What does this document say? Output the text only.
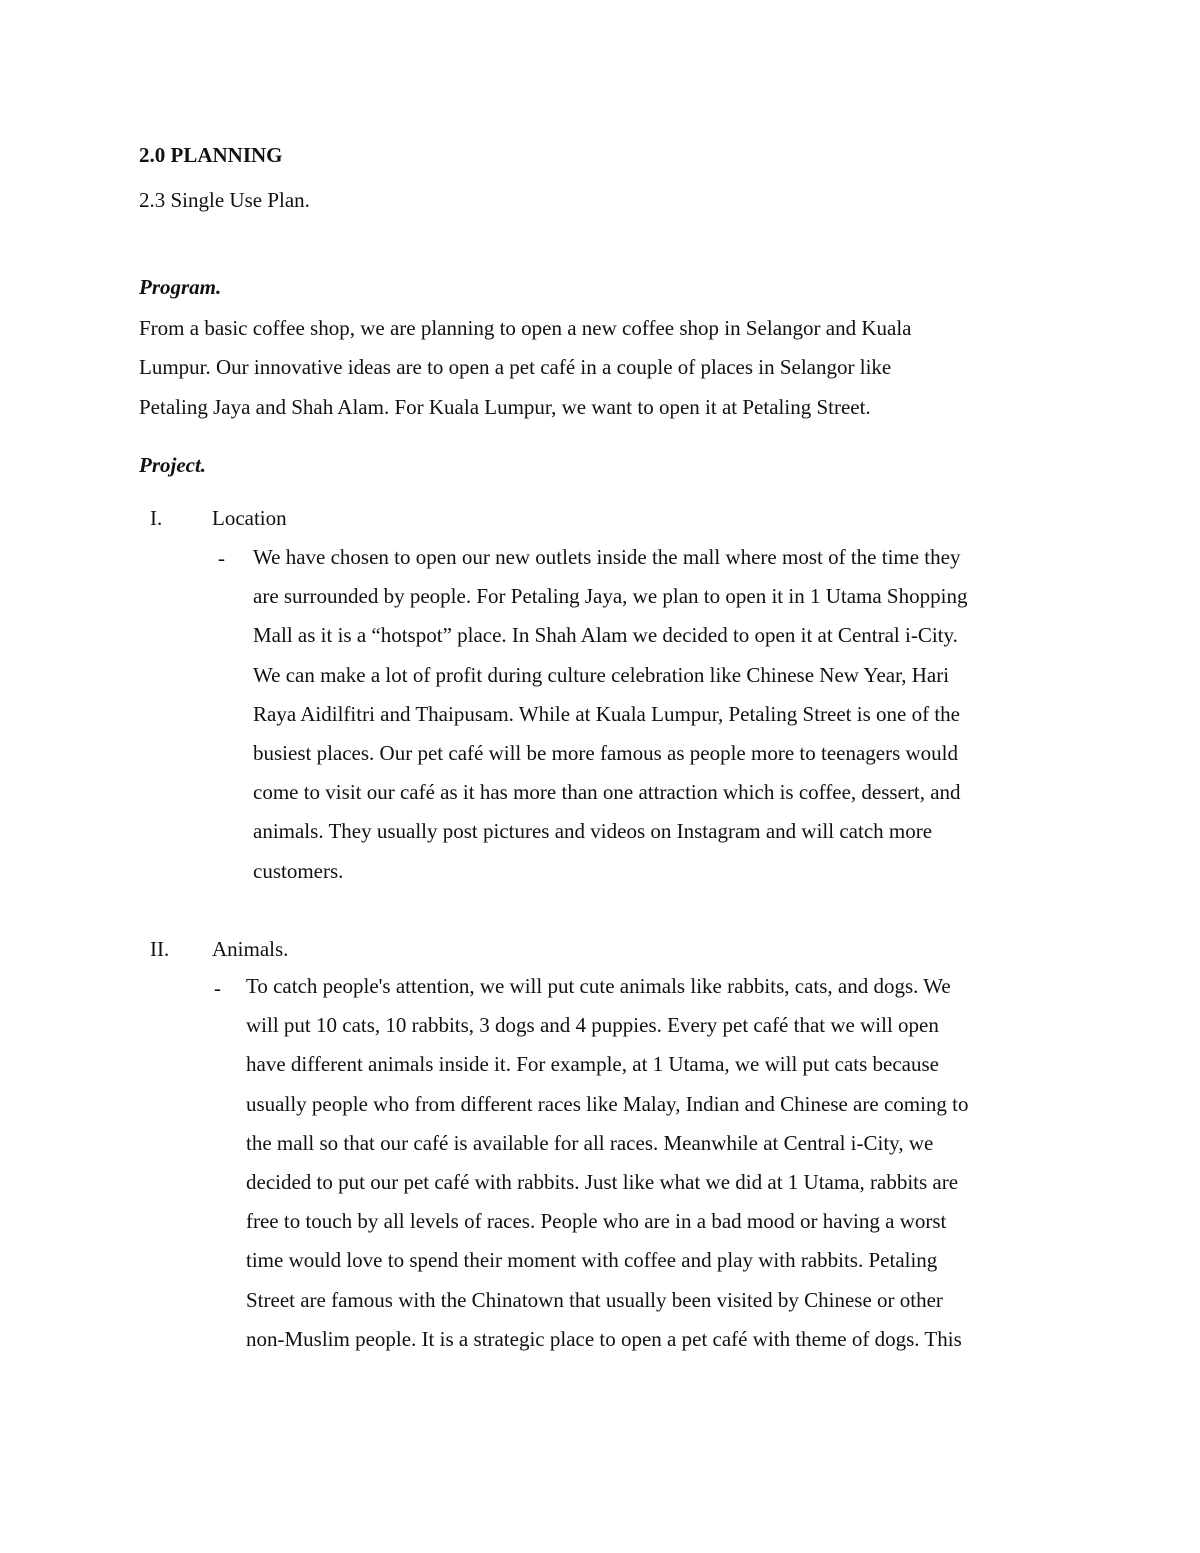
2.0 PLANNING
2.3 Single Use Plan.
Program.
From a basic coffee shop, we are planning to open a new coffee shop in Selangor and Kuala
Lumpur. Our innovative ideas are to open a pet café in a couple of places in Selangor like
Petaling Jaya and Shah Alam. For Kuala Lumpur, we want to open it at Petaling Street.
Project.
I.	Location
- We have chosen to open our new outlets inside the mall where most of the time they
are surrounded by people. For Petaling Jaya, we plan to open it in 1 Utama Shopping
Mall as it is a “hotspot” place. In Shah Alam we decided to open it at Central i-City.
We can make a lot of profit during culture celebration like Chinese New Year, Hari
Raya Aidilfitri and Thaipusam. While at Kuala Lumpur, Petaling Street is one of the
busiest places. Our pet café will be more famous as people more to teenagers would
come to visit our café as it has more than one attraction which is coffee, dessert, and
animals. They usually post pictures and videos on Instagram and will catch more
customers.
II.	Animals.
- To catch people's attention, we will put cute animals like rabbits, cats, and dogs. We
will put 10 cats, 10 rabbits, 3 dogs and 4 puppies. Every pet café that we will open
have different animals inside it. For example, at 1 Utama, we will put cats because
usually people who from different races like Malay, Indian and Chinese are coming to
the mall so that our café is available for all races. Meanwhile at Central i-City, we
decided to put our pet café with rabbits. Just like what we did at 1 Utama, rabbits are
free to touch by all levels of races. People who are in a bad mood or having a worst
time would love to spend their moment with coffee and play with rabbits. Petaling
Street are famous with the Chinatown that usually been visited by Chinese or other
non-Muslim people. It is a strategic place to open a pet café with theme of dogs. This
